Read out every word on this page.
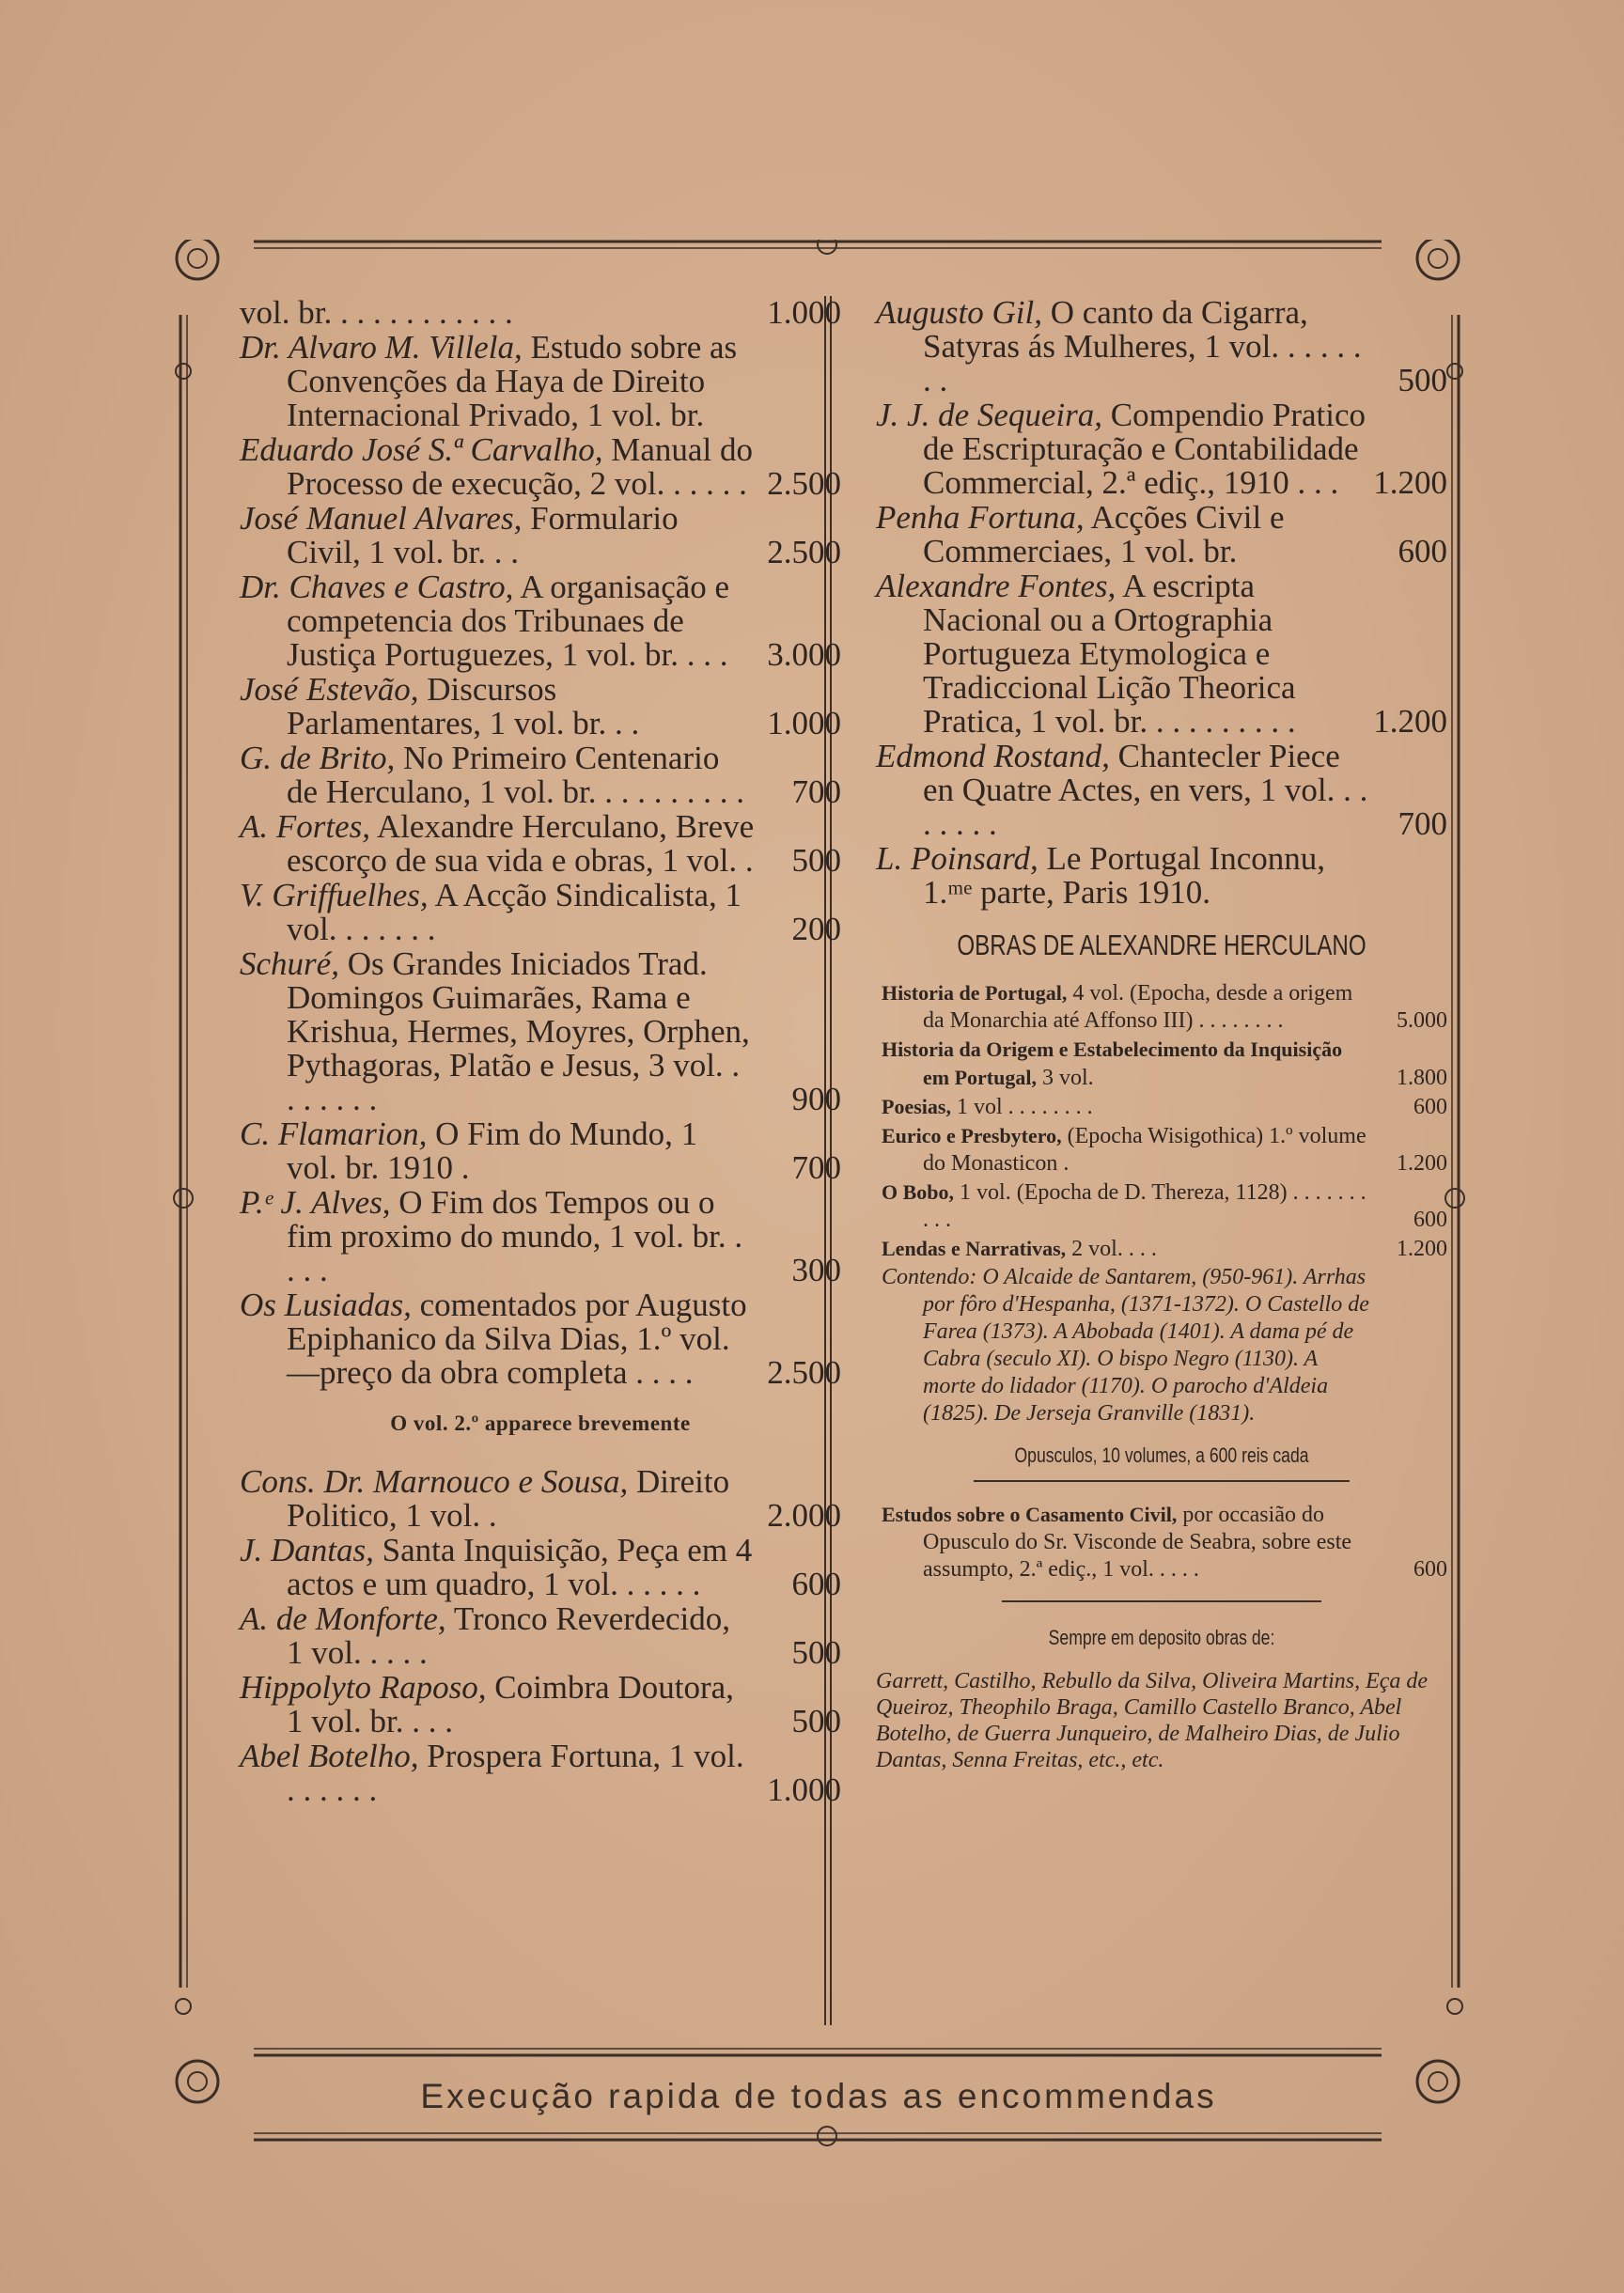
vol. br. . . . . . . . . . . .	1.000
Dr. Alvaro M. Villela, Estudo sobre as Convenções da Haya de Direito Internacional Privado, 1 vol. br.
Eduardo José S.ª Carvalho, Manual do Processo de execução, 2 vol. . . . . . 2.500
José Manuel Alvares, Formulario Civil, 1 vol. br. . .	2.500
Dr. Chaves e Castro, A organisação e competencia dos Tribunaes de Justiça Portuguezes, 1 vol. br. . . . 3.000
José Estevão, Discursos Parlamentares, 1 vol. br. . .	1.000
G. de Brito, No Primeiro Centenario de Herculano, 1 vol. br. . . . . . . . . . 700
A. Fortes, Alexandre Herculano, Breve escorço de sua vida e obras, 1 vol. . 500
V. Griffuelhes, A Acção Sindicalista, 1 vol. . . . . . .	200
Schuré, Os Grandes Iniciados Trad. Domingos Guimarães, Rama e Krishua, Hermes, Moyres, Orphen, Pythagoras, Platão e Jesus, 3 vol. . . . . . . .	900
C. Flamarion, O Fim do Mundo, 1 vol. br. 1910 .	700
P.ᵉ J. Alves, O Fim dos Tempos ou o fim proximo do mundo, 1 vol. br. . . . .	300
Os Lusiadas, comentados por Augusto Epiphanico da Silva Dias, 1.º vol.—preço da obra completa . . . . 2.500
O vol. 2.º apparece brevemente
Cons. Dr. Marnouco e Sousa, Direito Politico, 1 vol. .	2.000
J. Dantas, Santa Inquisição, Peça em 4 actos e um quadro, 1 vol. . . . . .	600
A. de Monforte, Tronco Reverdecido, 1 vol. . . . .	500
Hippolyto Raposo, Coimbra Doutora, 1 vol. br. . . .	500
Abel Botelho, Prospera Fortuna, 1 vol. . . . . . .	1.000
Augusto Gil, O canto da Cigarra, Satyras ás Mulheres, 1 vol. . . . . . . .	500
J. J. de Sequeira, Compendio Pratico de Escripturação e Contabilidade Commercial, 2.ª ediç., 1910 . . . 1.200
Penha Fortuna, Acções Civil e Commerciaes, 1 vol. br.	600
Alexandre Fontes, A escripta Nacional ou a Ortographia Portugueza Etymologica e Tradiccional Lição Theorica Pratica, 1 vol. br. . . . . . . . . . 1.200
Edmond Rostand, Chantecler Piece en Quatre Actes, en vers, 1 vol. . . . . . . .	700
L. Poinsard, Le Portugal Inconnu, 1.ᵐᵉ parte, Paris 1910.
OBRAS DE ALEXANDRE HERCULANO
Historia de Portugal, 4 vol. (Epocha, desde a origem da Monarchia até Affonso III) . . . . . . . .	5.000
Historia da Origem e Estabelecimento da Inquisição em Portugal, 3 vol.	1.800
Poesias, 1 vol . . . . . . . .	600
Eurico e Presbytero, (Epocha Wisigothica) 1.º volume do Monasticon .	1.200
O Bobo, 1 vol. (Epocha de D. Thereza, 1128) . . . . . . . . . .	600
Lendas e Narrativas, 2 vol. . . .	1.200
Contendo: O Alcaide de Santarem, (950-961). Arrhas por fôro d'Hespanha, (1371-1372). O Castello de Farea (1373). A Abobada (1401). A dama pé de Cabra (seculo XI). O bispo Negro (1130). A morte do lidador (1170). O parocho d'Aldeia (1825). De Jerseja Granville (1831).
Opusculos, 10 volumes, a 600 reis cada
Estudos sobre o Casamento Civil, por occasião do Opusculo do Sr. Visconde de Seabra, sobre este assumpto, 2.ª ediç., 1 vol. . . . .	600
Sempre em deposito obras de:
Garrett, Castilho, Rebullo da Silva, Oliveira Martins, Eça de Queiroz, Theophilo Braga, Camillo Castello Branco, Abel Botelho, de Guerra Junqueiro, de Malheiro Dias, de Julio Dantas, Senna Freitas, etc., etc.
Execução rapida de todas as encommendas
